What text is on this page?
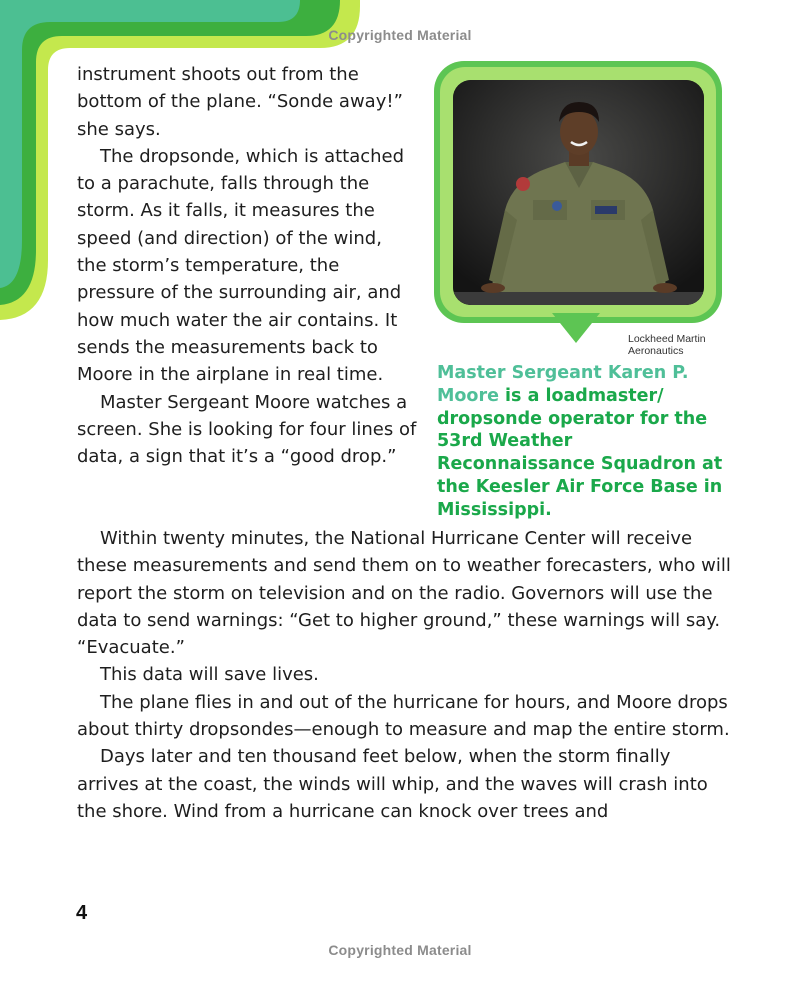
Copyrighted Material

instrument shoots out from the bottom of the plane. “Sonde away!” she says.

The dropsonde, which is attached to a parachute, falls through the storm. As it falls, it measures the speed (and direction) of the wind, the storm’s temperature, the pressure of the surrounding air, and how much water the air contains. It sends the measurements back to Moore in the airplane in real time.

Master Sergeant Moore watches a screen. She is looking for four lines of data, a sign that it’s a “good drop.”

Lockheed Martin
Aeronautics
Master Sergeant Karen P. Moore is a loadmaster/ dropsonde operator for the 53rd Weather Reconnaissance Squadron at the Keesler Air Force Base in Mississippi.

Within twenty minutes, the National Hurricane Center will receive these measurements and send them on to weather forecasters, who will report the storm on television and on the radio. Governors will use the data to send warnings: “Get to higher ground,” these warnings will say. “Evacuate.”

This data will save lives.

The plane flies in and out of the hurricane for hours, and Moore drops about thirty dropsondes—enough to measure and map the entire storm.

Days later and ten thousand feet below, when the storm finally arrives at the coast, the winds will whip, and the waves will crash into the shore. Wind from a hurricane can knock over trees and

4
Copyrighted Material
